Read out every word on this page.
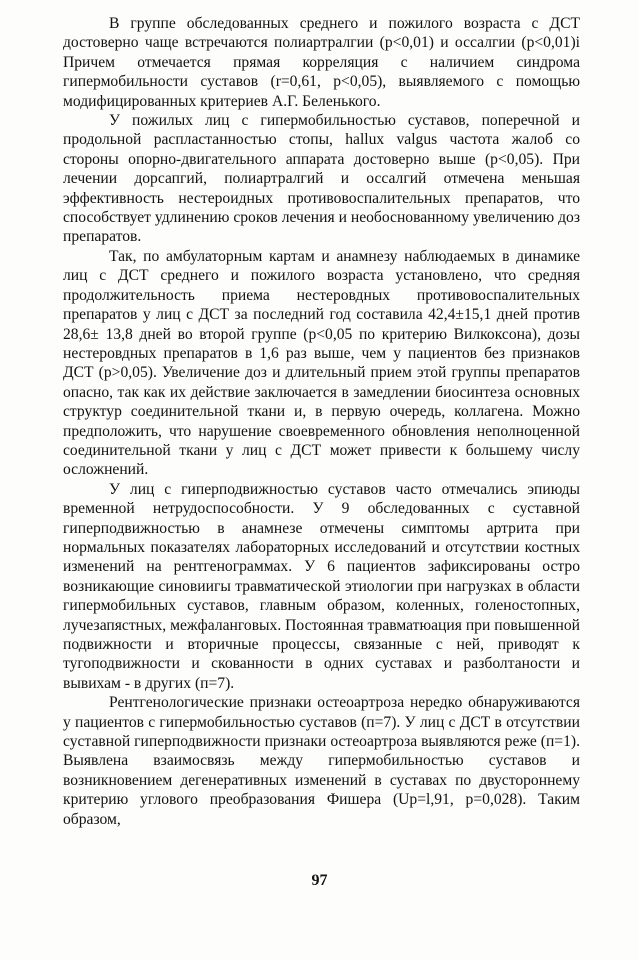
В группе обследованных среднего и пожилого возраста с ДСТ достоверно чаще встречаются полиартралгии (р<0,01) и оссалгии (р<0,01)і Причем отмечается прямая корреляция с наличием синдрома гипермобильности суставов (r=0,61, р<0,05), выявляемого с помощью модифицированных критериев А.Г. Беленького.

У пожилых лиц с гипермобильностью суставов, поперечной и продольной распластанностью стопы, hallux valgus частота жалоб со стороны опорно-двигательного аппарата достоверно выше (р<0,05). При лечении дорсапгий, полиартралгий и оссалгий отмечена меньшая эффективность нестероидных противовоспалительных препаратов, что способствует удлинению сроков лечения и необоснованному увеличению доз препаратов.

Так, по амбулаторным картам и анамнезу наблюдаемых в динамике лиц с ДСТ среднего и пожилого возраста установлено, что средняя продолжительность приема нестеровдных противовоспалительных препаратов у лиц с ДСТ за последний год составила 42,4±15,1 дней против 28,6± 13,8 дней во второй группе (р<0,05 по критерию Вилкоксона), дозы нестеровдных препаратов в 1,6 раз выше, чем у пациентов без признаков ДСТ (р>0,05). Увеличение доз и длительный прием этой группы препаратов опасно, так как их действие заключается в замедлении биосинтеза основных структур соединительной ткани и, в первую очередь, коллагена. Можно предположить, что нарушение своевременного обновления неполноценной соединительной ткани у лиц с ДСТ может привести к большему числу осложнений.

У лиц с гиперподвижностью суставов часто отмечались эпиюды временной нетрудоспособности. У 9 обследованных с суставной гиперподвижностью в анамнезе отмечены симптомы артрита при нормальных показателях лабораторных исследований и отсутствии костных изменений на рентгенограммах. У 6 пациентов зафиксированы остро возникающие синовиигы травматической этиологии при нагрузках в области гипермобильных суставов, главным образом, коленных, голеностопных, лучезапястных, межфаланговых. Постоянная травматюация при повышенной подвижности и вторичные процессы, связанные с ней, приводят к тугоподвижности и скованности в одних суставах и разболтаности и вывихам - в других (п=7).

Рентгенологические признаки остеоартроза нередко обнаруживаются у пациентов с гипермобильностью суставов (п=7). У лиц с ДСТ в отсутствии суставной гиперподвижности признаки остеоартроза выявляются реже (п=1). Выявлена взаимосвязь между гипермобильностью суставов и возникновением дегенеративных изменений в суставах по двустороннему критерию углового преобразования Фишера (Up=l,91, р=0,028). Таким образом,

97
